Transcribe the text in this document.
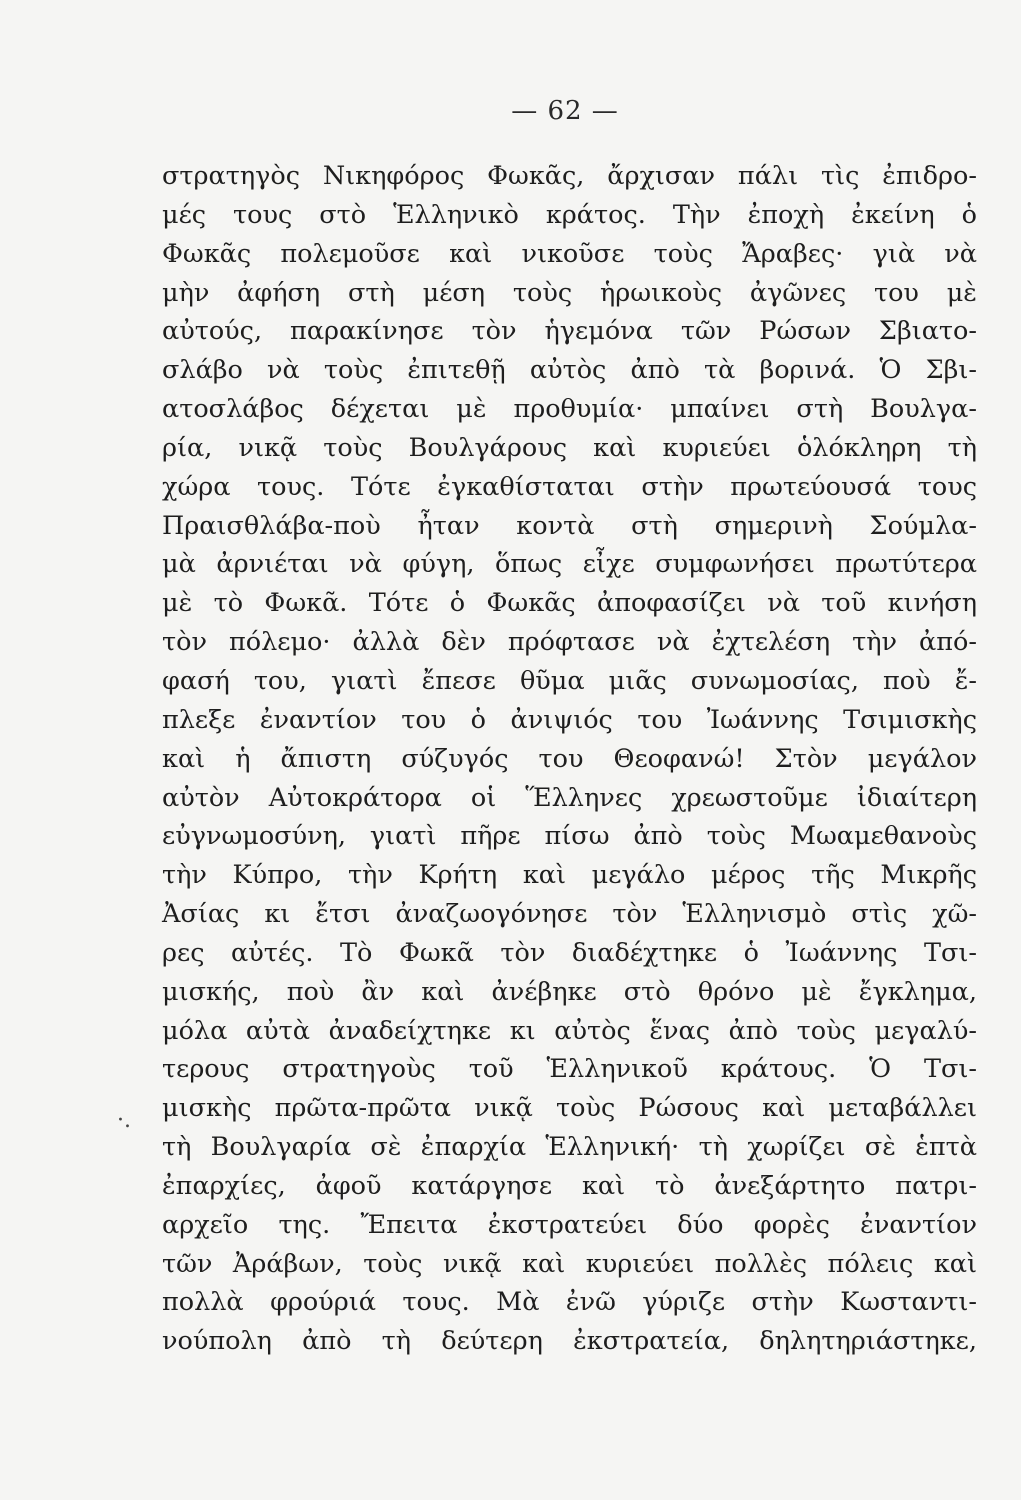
— 62 —
·.
στρατηγὸς Νικηφόρος Φωκᾶς, ἄρχισαν πάλι τὶς ἐπιδρο-
μές τους στὸ Ἑλληνικὸ κράτος. Τὴν ἐποχὴ ἐκείνη ὁ
Φωκᾶς πολεμοῦσε καὶ νικοῦσε τοὺς Ἄραβες· γιὰ νὰ
μὴν ἀφήση στὴ μέση τοὺς ἡρωικοὺς ἀγῶνες του μὲ
αὐτούς, παρακίνησε τὸν ἡγεμόνα τῶν Ρώσων Σβιατο-
σλάβο νὰ τοὺς ἐπιτεθῇ αὐτὸς ἀπὸ τὰ βορινά. Ὁ Σβι-
ατοσλάβος δέχεται μὲ προθυμία· μπαίνει στὴ Βουλγα-
ρία, νικᾷ τοὺς Βουλγάρους καὶ κυριεύει ὁλόκληρη τὴ
χώρα τους. Τότε ἐγκαθίσταται στὴν πρωτεύουσά τους
Πραισθλάβα-ποὺ ἦταν κοντὰ στὴ σημερινὴ Σούμλα-
μὰ ἀρνιέται νὰ φύγη, ὅπως εἶχε συμφωνήσει πρωτύτερα
μὲ τὸ Φωκᾶ. Τότε ὁ Φωκᾶς ἀποφασίζει νὰ τοῦ κινήση
τὸν πόλεμο· ἀλλὰ δὲν πρόφτασε νὰ ἐχτελέση τὴν ἀπό-
φασή του, γιατὶ ἔπεσε θῦμα μιᾶς συνωμοσίας, ποὺ ἔ-
πλεξε ἐναντίον του ὁ ἀνιψιός του Ἰωάννης Τσιμισκὴς
καὶ ἡ ἄπιστη σύζυγός του Θεοφανώ! Στὸν μεγάλον
αὐτὸν Αὐτοκράτορα οἱ Ἕλληνες χρεωστοῦμε ἰδιαίτερη
εὐγνωμοσύνη, γιατὶ πῆρε πίσω ἀπὸ τοὺς Μωαμεθανοὺς
τὴν Κύπρο, τὴν Κρήτη καὶ μεγάλο μέρος τῆς Μικρῆς
Ἀσίας κι ἔτσι ἀναζωογόνησε τὸν Ἑλληνισμὸ στὶς χῶ-
ρες αὐτές. Τὸ Φωκᾶ τὸν διαδέχτηκε ὁ Ἰωάννης Τσι-
μισκής, ποὺ ἂν καὶ ἀνέβηκε στὸ θρόνο μὲ ἔγκλημα,
μόλα αὐτὰ ἀναδείχτηκε κι αὐτὸς ἕνας ἀπὸ τοὺς μεγαλύ-
τερους στρατηγοὺς τοῦ Ἑλληνικοῦ κράτους. Ὁ Τσι-
μισκὴς πρῶτα-πρῶτα νικᾷ τοὺς Ρώσους καὶ μεταβάλλει
τὴ Βουλγαρία σὲ ἐπαρχία Ἑλληνική· τὴ χωρίζει σὲ ἑπτὰ
ἐπαρχίες, ἀφοῦ κατάργησε καὶ τὸ ἀνεξάρτητο πατρι-
αρχεῖο της. Ἔπειτα ἐκστρατεύει δύο φορὲς ἐναντίον
τῶν Ἀράβων, τοὺς νικᾷ καὶ κυριεύει πολλὲς πόλεις καὶ
πολλὰ φρούριά τους. Μὰ ἐνῶ γύριζε στὴν Κωσταντι-
νούπολη ἀπὸ τὴ δεύτερη ἐκστρατεία, δηλητηριάστηκε,
